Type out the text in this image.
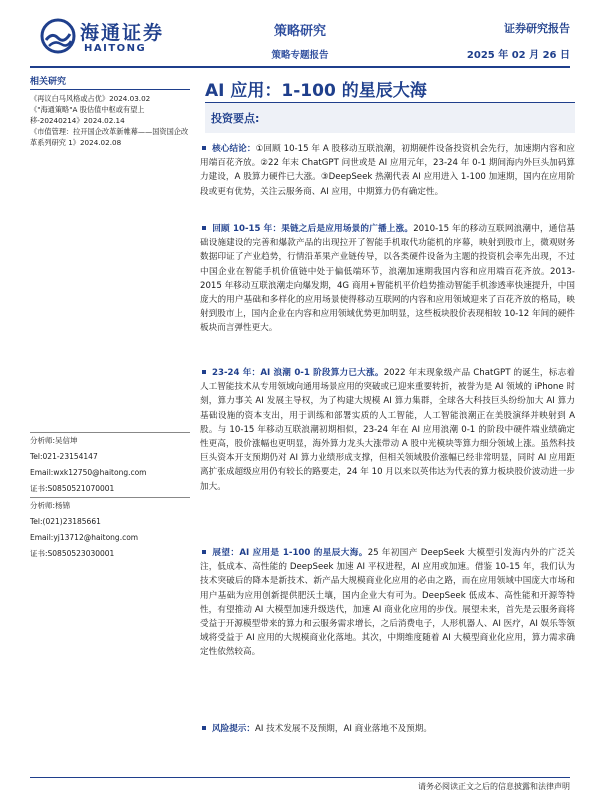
海通证券
HAITONG
策略研究
策略专题报告
证券研究报告
2025 年 02 月 26 日
相关研究
《再议白马风格或占优》2024.03.02
《"海通策略"A 股估值中枢或有望上移-20240214》2024.02.14
《市值管理：拉开国企改革新帷幕——国资国企改革系列研究 1》2024.02.08
分析师:吴信坤
Tel:021-23154147
Email:wxk12750@haitong.com
证书:S0850521070001
分析师:杨锦
Tel:(021)23185661
Email:yj13712@haitong.com
证书:S0850523030001
AI 应用：1-100 的星辰大海
投资要点:
核心结论：①回顾 10-15 年 A 股移动互联浪潮，初期硬件设备投资机会先行，加速期内容和应用端百花齐放。②22 年末 ChatGPT 问世或是 AI 应用元年，23-24 年 0-1 期间海内外巨头加码算力建设，A 股算力硬件已大涨。③DeepSeek 热潮代表 AI 应用进入 1-100 加速期，国内在应用阶段或更有优势，关注云服务商、AI 应用，中期算力仍有确定性。
回顾 10-15 年：果链之后是应用场景的广播上涨。2010-15 年的移动互联网浪潮中，通信基础设施建设的完善和爆款产品的出现拉开了智能手机取代功能机的序幕，映射到股市上，微观财务数据印证了产业趋势，行情沿革果产业链传导，以各类硬件设备为主题的投资机会率先出现，不过中国企业在智能手机价值链中处于偏低端环节，浪潮加速期我国内容和应用端百花齐放。2013-2015 年移动互联浪潮走向爆发期，4G 商用+智能机平价趋势推动智能手机渗透率快速提升，中国庞大的用户基础和多样化的应用场景使得移动互联网的内容和应用领域迎来了百花齐放的格局，映射到股市上，国内企业在内容和应用领域优势更加明显，这些板块股价表现相较 10-12 年间的硬件板块而言弹性更大。
23-24 年：AI 浪潮 0-1 阶段算力已大涨。2022 年末现象级产品 ChatGPT 的诞生，标志着人工智能技术从专用领域向通用场景应用的突破或已迎来重要转折，被誉为是 AI 领域的 iPhone 时刻，算力事关 AI 发展主导权，为了构建大规模 AI 算力集群，全球各大科技巨头纷纷加大 AI 算力基础设施的资本支出，用于训练和部署实质的人工智能，人工智能浪潮正在美股演绎并映射到 A 股。与 10-15 年移动互联浪潮初期相似，23-24 年在 AI 应用浪潮 0-1 的阶段中硬件端业绩确定性更高，股价涨幅也更明显，海外算力龙头大涨带动 A 股中光模块等算力细分领域上涨。虽然科技巨头资本开支预期仍对 AI 算力业绩形成支撑，但相关领域股价涨幅已经非常明显，同时 AI 应用距离扩张成超级应用仍有较长的路要走，24 年 10 月以来以英伟达为代表的算力板块股价波动进一步加大。
展望：AI 应用是 1-100 的星辰大海。25 年初国产 DeepSeek 大模型引发海内外的广泛关注，低成本、高性能的 DeepSeek 加速 AI 平权进程，AI 应用或加速。借鉴 10-15 年，我们认为技术突破后的降本是新技术、新产品大规模商业化应用的必由之路，而在应用领域中国庞大市场和用户基础为应用创新提供肥沃土壤，国内企业大有可为。DeepSeek 低成本、高性能和开源等特性，有望推动 AI 大模型加速升级迭代，加速 AI 商业化应用的步伐。展望未来，首先是云服务商将受益于开源模型带来的算力和云服务需求增长，之后消费电子，人形机器人、AI 医疗，AI 娱乐等领域将受益于 AI 应用的大规模商业化落地。其次，中期维度随着 AI 大模型商业化应用，算力需求确定性依然较高。
风险提示：AI 技术发展不及预期，AI 商业落地不及预期。
请务必阅读正文之后的信息披露和法律声明
